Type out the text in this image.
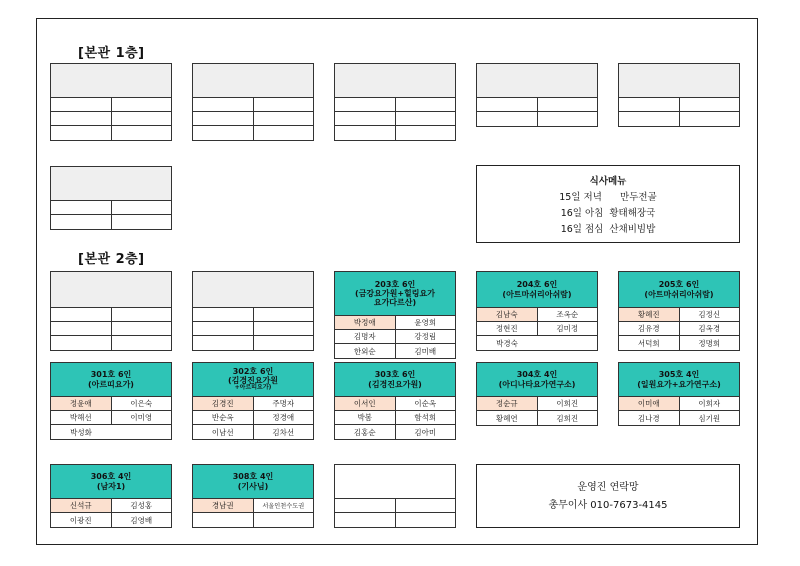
[본관 1층]
[본관 2층]
식사메뉴
15일 저녁      만두전골
16일 아침  황태해장국
16일 점심  산채비빔밥
203호 6인
(금강요가원+힐링요가
요가다르산)
박정애	윤영희
김명자	강정림
한외순	김미배
204호 6인
(아트마쉬리아쉬람)
김남숙	조옥순
정현진	김미정
박경숙
205호 6인
(아트마쉬리아쉬람)
황혜진	김정신
김유경	김옥경
서덕희	정명희
301호 6인
(아르띠요가)
정윤애	이은숙
박해선	이미영
박성화
302호 6인
(김경진요가원
+아르띠요가)
김경진	주명자
반순옥	정경애
이남선	김차선
303호 6인
(김경진요가원)
이서인	이순옥
박봄	함석희
김홍순	김아미
304호 4인
(아디나타요가연구소)
정순규	이희진
황혜연	김희진
305호 4인
(일원요가+요가연구소)
이미애	이희자
김나경	심기원
306호 4인
(남자1)
신석규	김성홍
이광진	김영배
308호 4인
(기사님)
경남권	서울인천수도권
운영진 연락망
총무이사 010-7673-4145
